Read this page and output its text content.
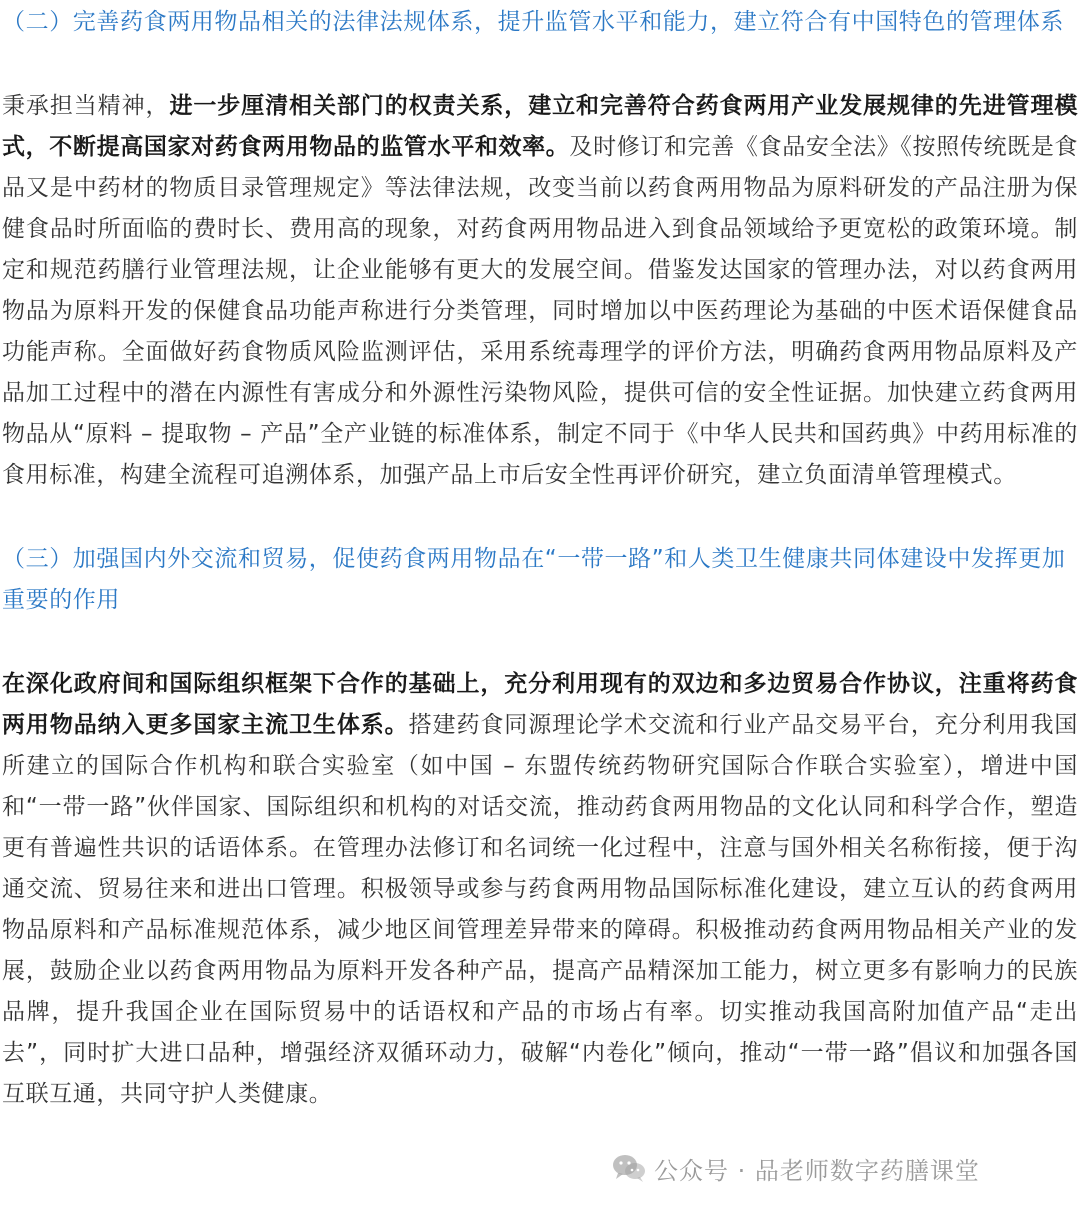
（二）完善药食两用物品相关的法律法规体系，提升监管水平和能力，建立符合有中国特色的管理体系

秉承担当精神，进一步厘清相关部门的权责关系，建立和完善符合药食两用产业发展规律的先进管理模式，不断提高国家对药食两用物品的监管水平和效率。及时修订和完善《食品安全法》《按照传统既是食品又是中药材的物质目录管理规定》等法律法规，改变当前以药食两用物品为原料研发的产品注册为保健食品时所面临的费时长、费用高的现象，对药食两用物品进入到食品领域给予更宽松的政策环境。制定和规范药膳行业管理法规，让企业能够有更大的发展空间。借鉴发达国家的管理办法，对以药食两用物品为原料开发的保健食品功能声称进行分类管理，同时增加以中医药理论为基础的中医术语保健食品功能声称。全面做好药食物质风险监测评估，采用系统毒理学的评价方法，明确药食两用物品原料及产品加工过程中的潜在内源性有害成分和外源性污染物风险，提供可信的安全性证据。加快建立药食两用物品从“原料 – 提取物 – 产品”全产业链的标准体系，制定不同于《中华人民共和国药典》中药用标准的食用标准，构建全流程可追溯体系，加强产品上市后安全性再评价研究，建立负面清单管理模式。

（三）加强国内外交流和贸易，促使药食两用物品在“一带一路”和人类卫生健康共同体建设中发挥更加重要的作用

在深化政府间和国际组织框架下合作的基础上，充分利用现有的双边和多边贸易合作协议，注重将药食两用物品纳入更多国家主流卫生体系。搭建药食同源理论学术交流和行业产品交易平台，充分利用我国所建立的国际合作机构和联合实验室（如中国 – 东盟传统药物研究国际合作联合实验室），增进中国和“一带一路”伙伴国家、国际组织和机构的对话交流，推动药食两用物品的文化认同和科学合作，塑造更有普遍性共识的话语体系。在管理办法修订和名词统一化过程中，注意与国外相关名称衔接，便于沟通交流、贸易往来和进出口管理。积极领导或参与药食两用物品国际标准化建设，建立互认的药食两用物品原料和产品标准规范体系，减少地区间管理差异带来的障碍。积极推动药食两用物品相关产业的发展，鼓励企业以药食两用物品为原料开发各种产品，提高产品精深加工能力，树立更多有影响力的民族品牌，提升我国企业在国际贸易中的话语权和产品的市场占有率。切实推动我国高附加值产品“走出去”，同时扩大进口品种，增强经济双循环动力，破解“内卷化”倾向，推动“一带一路”倡议和加强各国互联互通，共同守护人类健康。

公众号 · 品老师数字药膳课堂
